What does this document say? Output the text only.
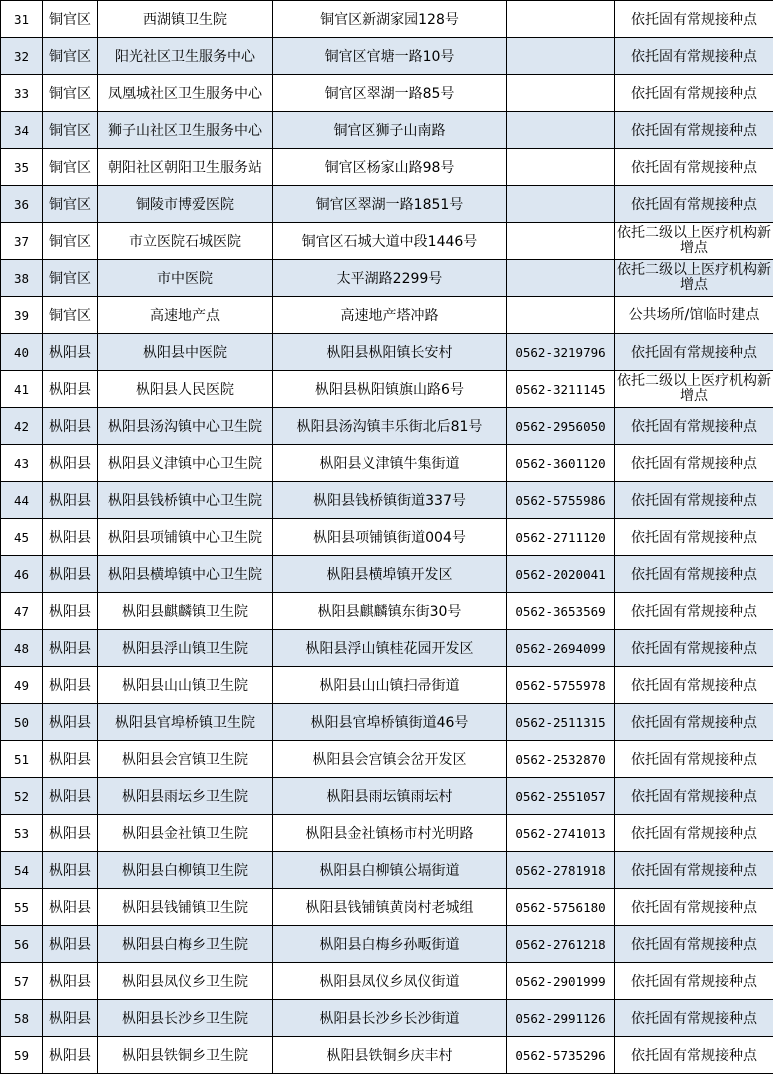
31	铜官区	西湖镇卫生院	铜官区新湖家园128号		依托固有常规接种点
32	铜官区	阳光社区卫生服务中心	铜官区官塘一路10号		依托固有常规接种点
33	铜官区	凤凰城社区卫生服务中心	铜官区翠湖一路85号		依托固有常规接种点
34	铜官区	狮子山社区卫生服务中心	铜官区狮子山南路		依托固有常规接种点
35	铜官区	朝阳社区朝阳卫生服务站	铜官区杨家山路98号		依托固有常规接种点
36	铜官区	铜陵市博爱医院	铜官区翠湖一路1851号		依托固有常规接种点
37	铜官区	市立医院石城医院	铜官区石城大道中段1446号		依托二级以上医疗机构新增点
38	铜官区	市中医院	太平湖路2299号		依托二级以上医疗机构新增点
39	铜官区	高速地产点	高速地产塔冲路		公共场所/馆临时建点
40	枞阳县	枞阳县中医院	枞阳县枞阳镇长安村	0562-3219796	依托固有常规接种点
41	枞阳县	枞阳县人民医院	枞阳县枞阳镇旗山路6号	0562-3211145	依托二级以上医疗机构新增点
42	枞阳县	枞阳县汤沟镇中心卫生院	枞阳县汤沟镇丰乐街北后81号	0562-2956050	依托固有常规接种点
43	枞阳县	枞阳县义津镇中心卫生院	枞阳县义津镇牛集街道	0562-3601120	依托固有常规接种点
44	枞阳县	枞阳县钱桥镇中心卫生院	枞阳县钱桥镇街道337号	0562-5755986	依托固有常规接种点
45	枞阳县	枞阳县项铺镇中心卫生院	枞阳县项铺镇街道004号	0562-2711120	依托固有常规接种点
46	枞阳县	枞阳县横埠镇中心卫生院	枞阳县横埠镇开发区	0562-2020041	依托固有常规接种点
47	枞阳县	枞阳县麒麟镇卫生院	枞阳县麒麟镇东街30号	0562-3653569	依托固有常规接种点
48	枞阳县	枞阳县浮山镇卫生院	枞阳县浮山镇桂花园开发区	0562-2694099	依托固有常规接种点
49	枞阳县	枞阳县山山镇卫生院	枞阳县山山镇扫帚街道	0562-5755978	依托固有常规接种点
50	枞阳县	枞阳县官埠桥镇卫生院	枞阳县官埠桥镇街道46号	0562-2511315	依托固有常规接种点
51	枞阳县	枞阳县会宫镇卫生院	枞阳县会宫镇会岔开发区	0562-2532870	依托固有常规接种点
52	枞阳县	枞阳县雨坛乡卫生院	枞阳县雨坛镇雨坛村	0562-2551057	依托固有常规接种点
53	枞阳县	枞阳县金社镇卫生院	枞阳县金社镇杨市村光明路	0562-2741013	依托固有常规接种点
54	枞阳县	枞阳县白柳镇卫生院	枞阳县白柳镇公塥街道	0562-2781918	依托固有常规接种点
55	枞阳县	枞阳县钱铺镇卫生院	枞阳县钱铺镇黄岗村老城组	0562-5756180	依托固有常规接种点
56	枞阳县	枞阳县白梅乡卫生院	枞阳县白梅乡孙畈街道	0562-2761218	依托固有常规接种点
57	枞阳县	枞阳县凤仪乡卫生院	枞阳县凤仪乡凤仪街道	0562-2901999	依托固有常规接种点
58	枞阳县	枞阳县长沙乡卫生院	枞阳县长沙乡长沙街道	0562-2991126	依托固有常规接种点
59	枞阳县	枞阳县铁铜乡卫生院	枞阳县铁铜乡庆丰村	0562-5735296	依托固有常规接种点
